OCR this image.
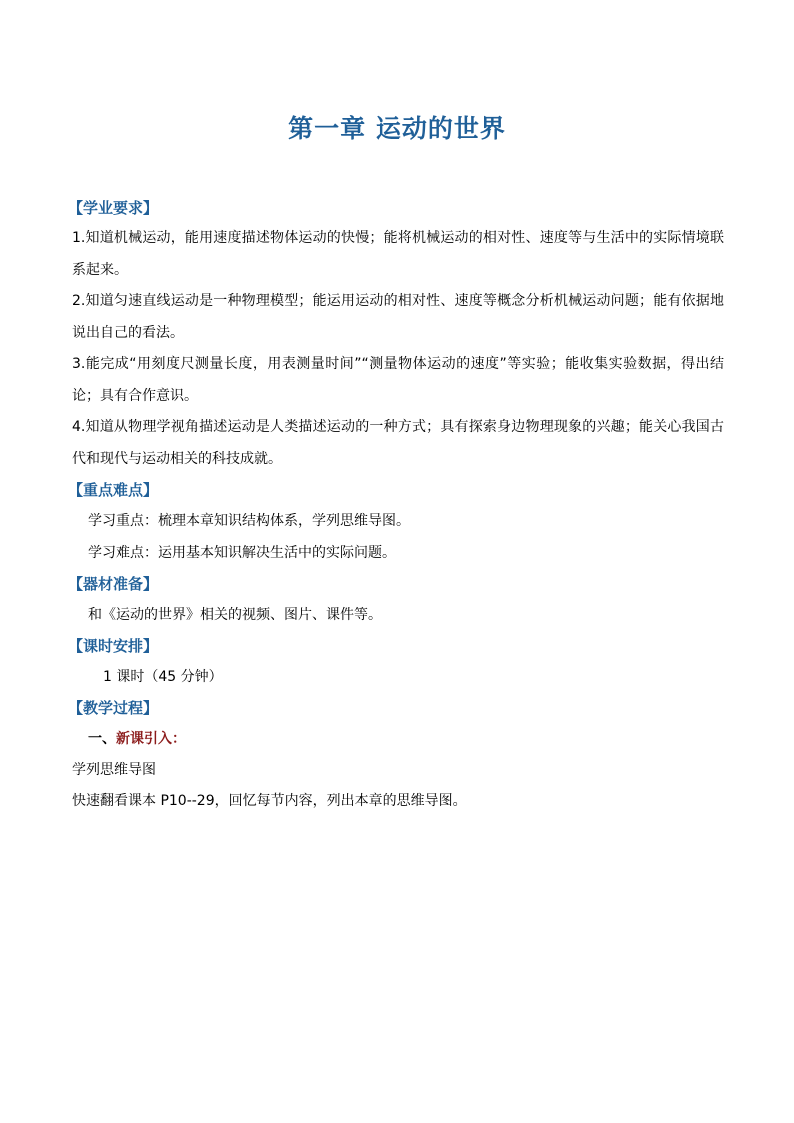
第一章 运动的世界
【学业要求】
1.知道机械运动，能用速度描述物体运动的快慢；能将机械运动的相对性、速度等与生活中的实际情境联系起来。
2.知道匀速直线运动是一种物理模型；能运用运动的相对性、速度等概念分析机械运动问题；能有依据地说出自己的看法。
3.能完成“用刻度尺测量长度，用表测量时间”“测量物体运动的速度”等实验；能收集实验数据，得出结论；具有合作意识。
4.知道从物理学视角描述运动是人类描述运动的一种方式；具有探索身边物理现象的兴趣；能关心我国古代和现代与运动相关的科技成就。
【重点难点】
学习重点：梳理本章知识结构体系，学列思维导图。
学习难点：运用基本知识解决生活中的实际问题。
【器材准备】
和《运动的世界》相关的视频、图片、课件等。
【课时安排】
1 课时（45 分钟）
【教学过程】
一、新课引入：
学列思维导图
快速翻看课本 P10--29，回忆每节内容，列出本章的思维导图。
